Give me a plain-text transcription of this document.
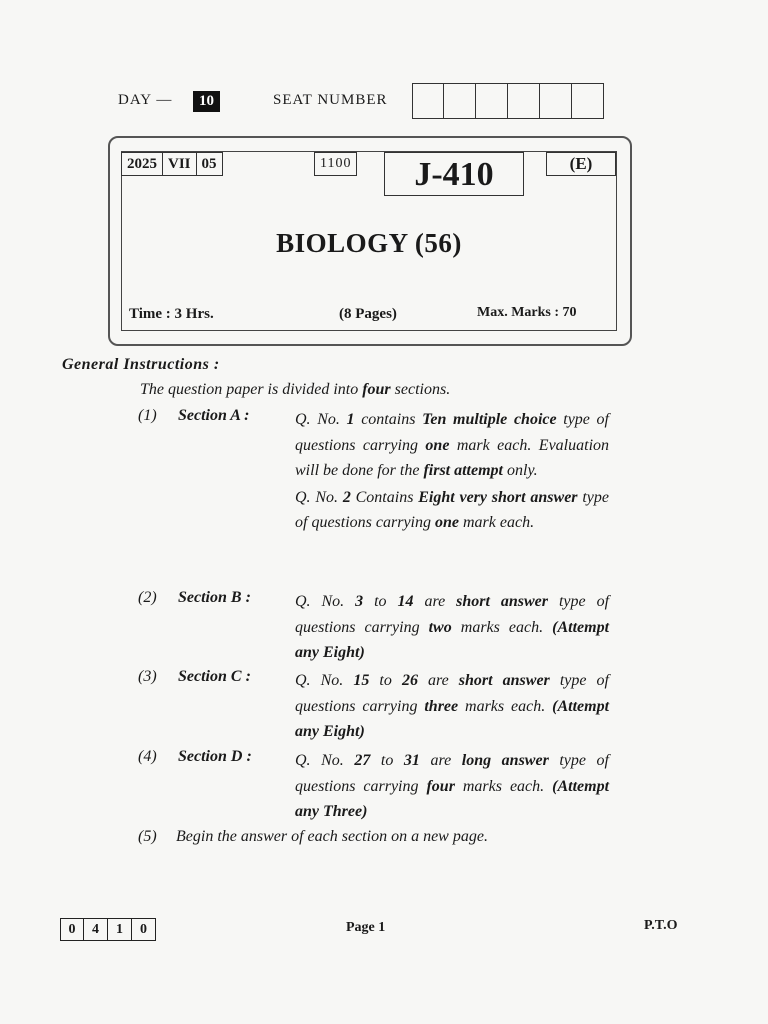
DAY —	10	SEAT NUMBER
2025 VII 05	1100	J-410	(E)
BIOLOGY (56)
Time : 3 Hrs.	(8 Pages)	Max. Marks : 70
General Instructions :
The question paper is divided into four sections.
(1) Section A :	Q. No. 1 contains Ten multiple choice type of questions carrying one mark each. Evaluation will be done for the first attempt only.
Q. No. 2 Contains Eight very short answer type of questions carrying one mark each.
(2) Section B :	Q. No. 3 to 14 are short answer type of questions carrying two marks each. (Attempt any Eight)
(3) Section C :	Q. No. 15 to 26 are short answer type of questions carrying three marks each. (Attempt any Eight)
(4) Section D :	Q. No. 27 to 31 are long answer type of questions carrying four marks each. (Attempt any Three)
(5) Begin the answer of each section on a new page.
0	4	1	0	Page 1	P.T.O
